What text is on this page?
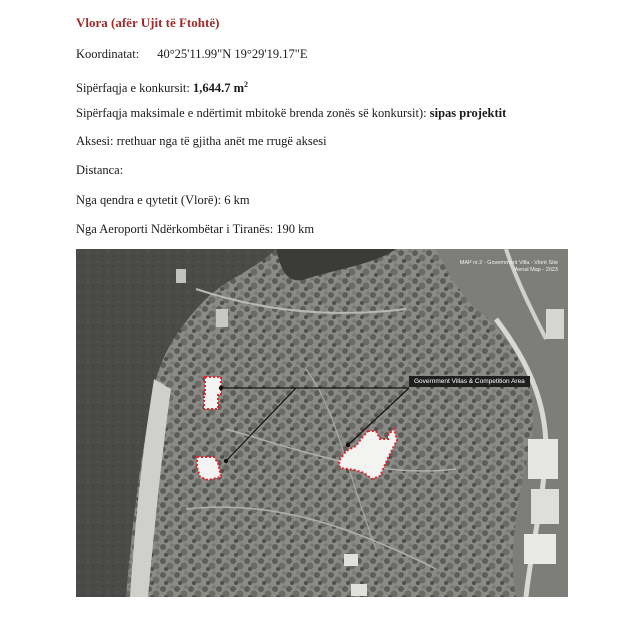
Vlora (afёr Ujit tё Ftohtё)
Koordinatat: 40°25'11.99"N 19°29'19.17"E
Sipёrfaqja e konkursit: 1,644.7 $m^2$
Sipёrfaqja maksimale e ndёrtimit mbitokё brenda zonёs sё konkursit): sipas projektit
Aksesi: rrethuar nga tё gjitha anёt me rrugё aksesi
Distanca:
Nga qendra e qytetit (Vlorё): 6 km
Nga Aeroporti Ndёrkombёtar i Tiranës: 190 km
MAP nr.2 - Government Villa - Vlorë Site
Aerial Map - 2023
Government Villas & Competition Area
